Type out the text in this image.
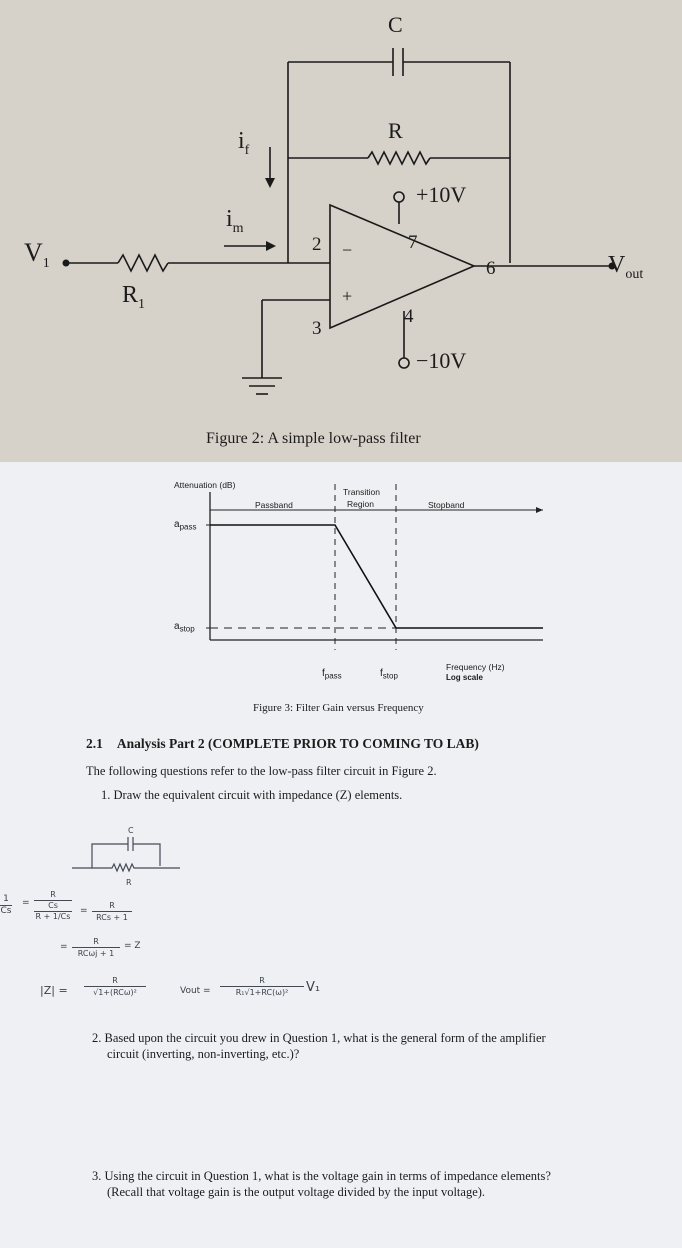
C
R
$i_f$
$i_m$
$V_1$
$R_1$
$V_{out}$
+10V
−10V
2
3
7
4
6
−
+
Figure 2: A simple low-pass filter
Attenuation (dB)
Passband
Transition
Region	Stopband
$a_{pass}$
$a_{stop}$
$f_{pass}$	$f_{stop}$
Frequency (Hz)
Log scale
Figure 3: Filter Gain versus Frequency
2.1 Analysis Part 2 (COMPLETE PRIOR TO COMING TO LAB)
The following questions refer to the low-pass filter circuit in Figure 2.
1. Draw the equivalent circuit with impedance (Z) elements.
C
R
1
Cs
=
R
Cs
R + 1/Cs
=
R
RCs + 1
=
R
RCωj + 1
= Z
|Z| =
R
√1+(RCω)²	Vout =
R
R₁√1+RC(ω)²	V₁
2. Based upon the circuit you drew in Question 1, what is the general form of the amplifier
circuit (inverting, non-inverting, etc.)?
3. Using the circuit in Question 1, what is the voltage gain in terms of impedance elements?
(Recall that voltage gain is the output voltage divided by the input voltage).
